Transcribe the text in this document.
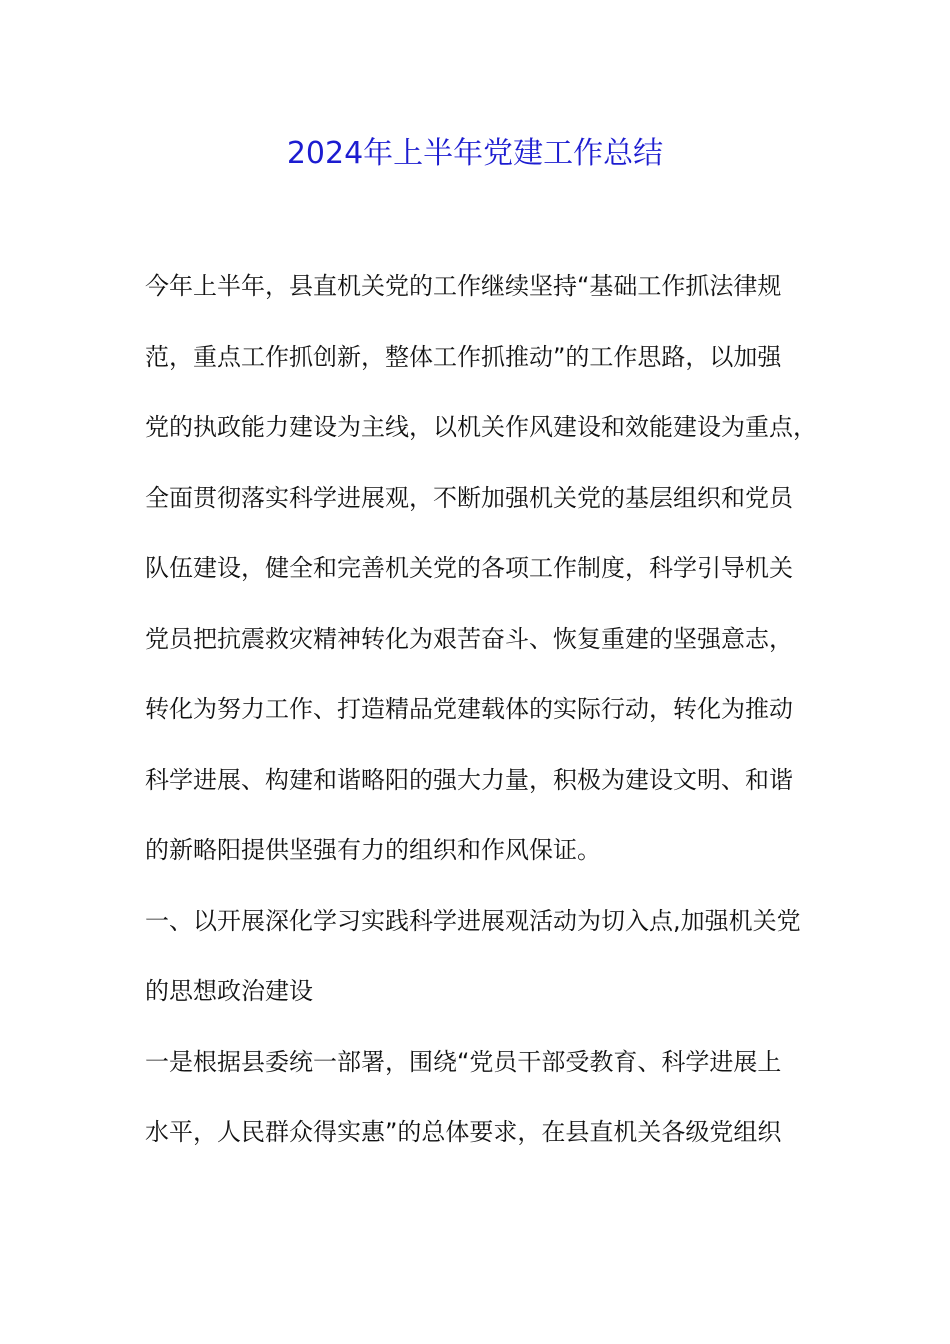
2024年上半年党建工作总结
今年上半年，县直机关党的工作继续坚持“基础工作抓法律规
范，重点工作抓创新，整体工作抓推动”的工作思路，以加强
党的执政能力建设为主线，以机关作风建设和效能建设为重点，
全面贯彻落实科学进展观，不断加强机关党的基层组织和党员
队伍建设，健全和完善机关党的各项工作制度，科学引导机关
党员把抗震救灾精神转化为艰苦奋斗、恢复重建的坚强意志，
转化为努力工作、打造精品党建载体的实际行动，转化为推动
科学进展、构建和谐略阳的强大力量，积极为建设文明、和谐
的新略阳提供坚强有力的组织和作风保证。
一、以开展深化学习实践科学进展观活动为切入点,加强机关党
的思想政治建设
一是根据县委统一部署，围绕“党员干部受教育、科学进展上
水平，人民群众得实惠”的总体要求，在县直机关各级党组织
